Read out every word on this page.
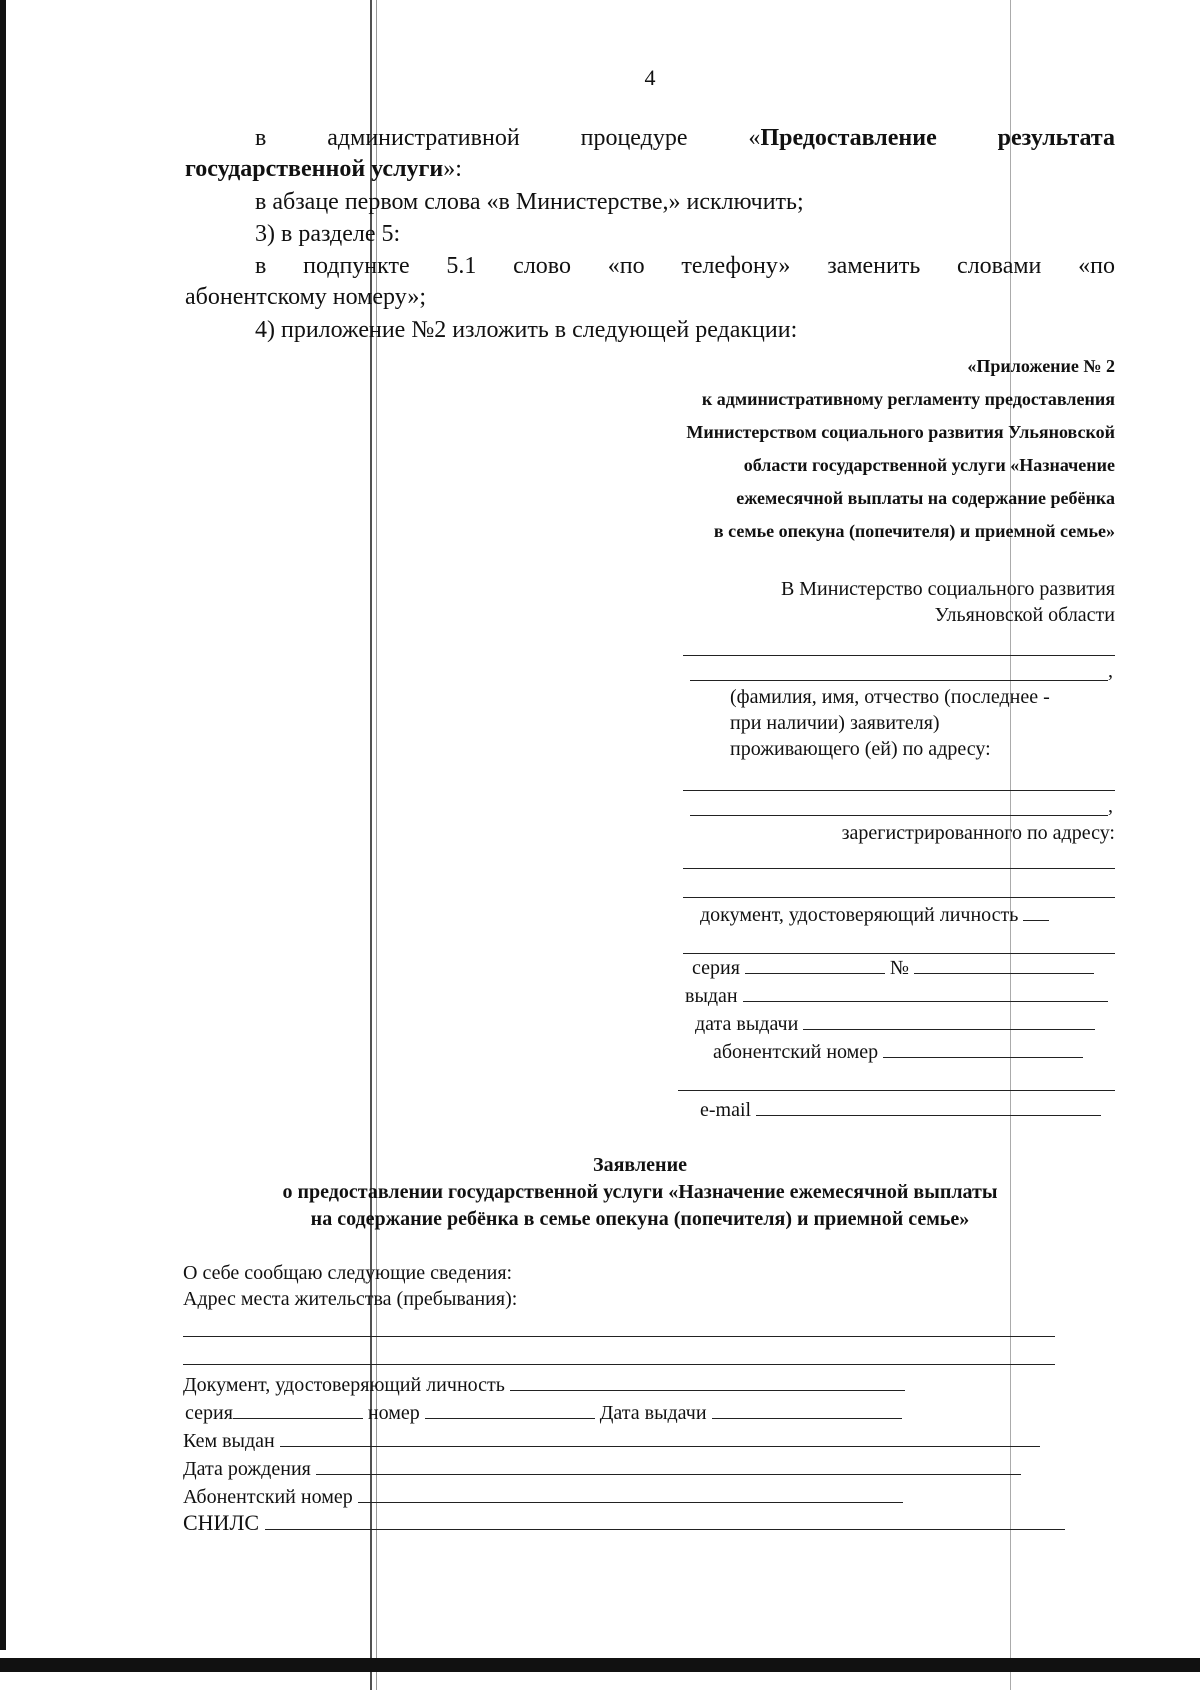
4
в административной процедуре «Предоставление результата
государственной услуги»:
в абзаце первом слова «в Министерстве,» исключить;
3) в разделе 5:
в подпункте 5.1 слово «по телефону» заменить словами «по
абонентскому номеру»;
4) приложение №2 изложить в следующей редакции:
«Приложение № 2
к административному регламенту предоставления
Министерством социального развития Ульяновской
области государственной услуги «Назначение
ежемесячной выплаты на содержание ребёнка
в семье опекуна (попечителя) и приемной семье»
В Министерство социального развития
Ульяновской области
,
(фамилия, имя, отчество (последнее -
при наличии) заявителя)
проживающего (ей) по адресу:
,
зарегистрированного по адресу:
документ, удостоверяющий личность
серия	№
выдан
дата выдачи
абонентский номер
e-mail
Заявление
о предоставлении государственной услуги «Назначение ежемесячной выплаты
на содержание ребёнка в семье опекуна (попечителя) и приемной семье»
О себе сообщаю следующие сведения:
Адрес места жительства (пребывания):
Документ, удостоверяющий личность
серия	номер	Дата выдачи
Кем выдан
Дата рождения
Абонентский номер
СНИЛС
